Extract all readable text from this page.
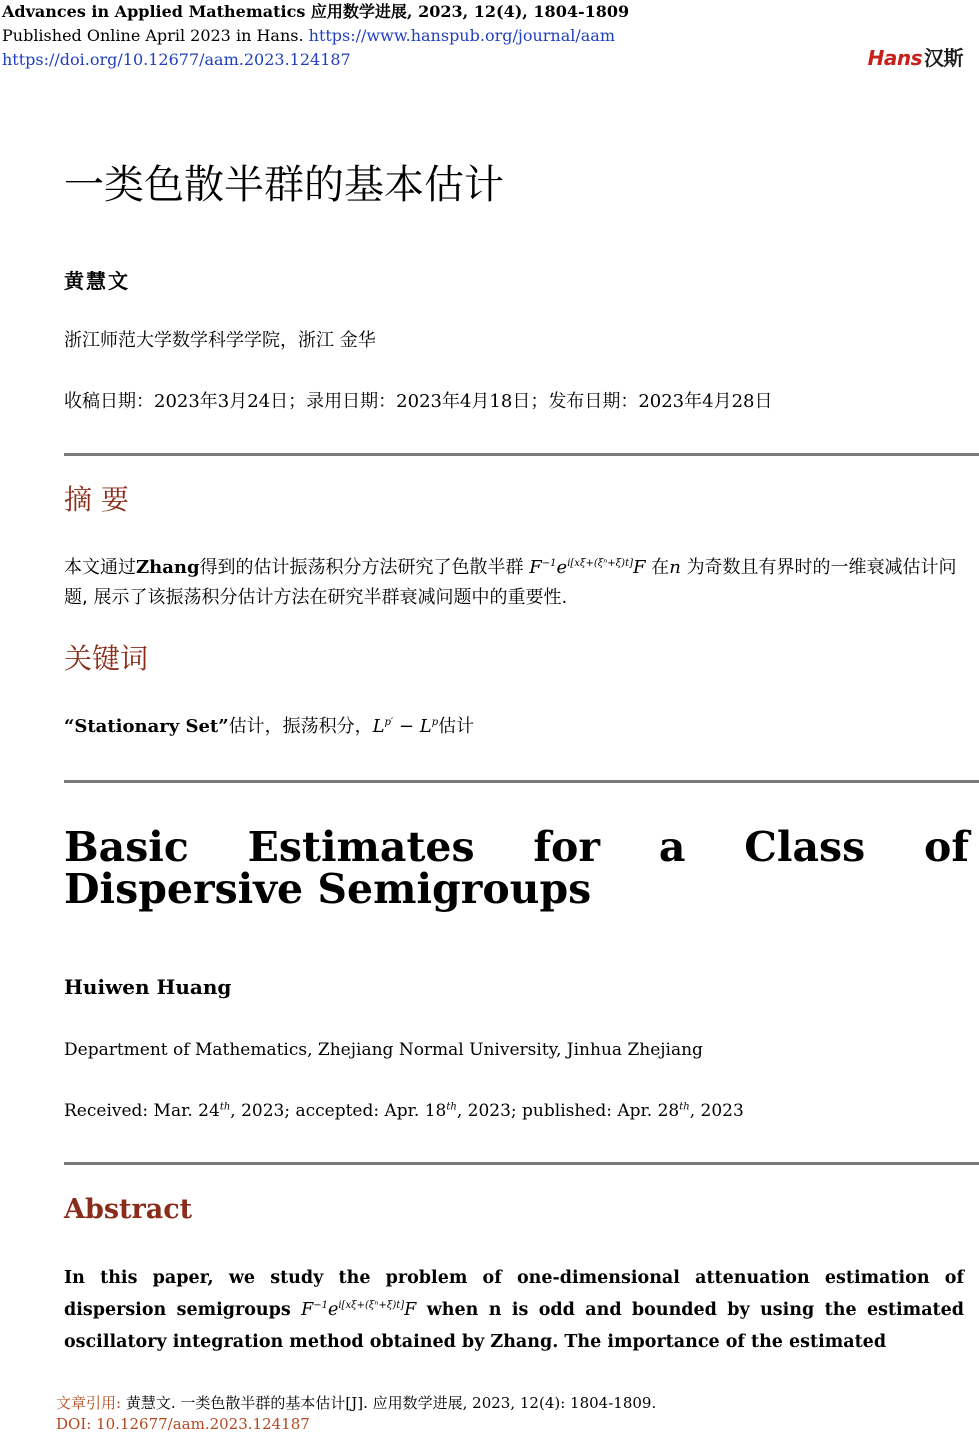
Advances in Applied Mathematics 应用数学进展, 2023, 12(4), 1804-1809
Published Online April 2023 in Hans. https://www.hanspub.org/journal/aam
https://doi.org/10.12677/aam.2023.124187	Hans 汉斯
一类色散半群的基本估计
黄慧文
浙江师范大学数学科学学院，浙江 金华
收稿日期：2023年3月24日；录用日期：2023年4月18日；发布日期：2023年4月28日
摘 要
本文通过Zhang得到的估计振荡积分方法研究了色散半群 $F^{-1}e^{i[x\xi+(\xi^n+\xi)t]}F$ 在n 为奇数且有界时的一维衰减估计问题, 展示了该振荡积分估计方法在研究半群衰减问题中的重要性.
关键词
“Stationary Set”估计，振荡积分，$L^{p'} - L^p$估计
Basic Estimates for a Class of Dispersive Semigroups
Huiwen Huang
Department of Mathematics, Zhejiang Normal University, Jinhua Zhejiang
Received: Mar. 24th, 2023; accepted: Apr. 18th, 2023; published: Apr. 28th, 2023
Abstract
In this paper, we study the problem of one-dimensional attenuation estimation of dispersion semigroups $F^{-1}e^{i[x\xi+(\xi^n+\xi)t]}F$ when n is odd and bounded by using the estimated oscillatory integration method obtained by Zhang. The importance of the estimated
文章引用: 黄慧文. 一类色散半群的基本估计[J]. 应用数学进展, 2023, 12(4): 1804-1809.
DOI: 10.12677/aam.2023.124187
